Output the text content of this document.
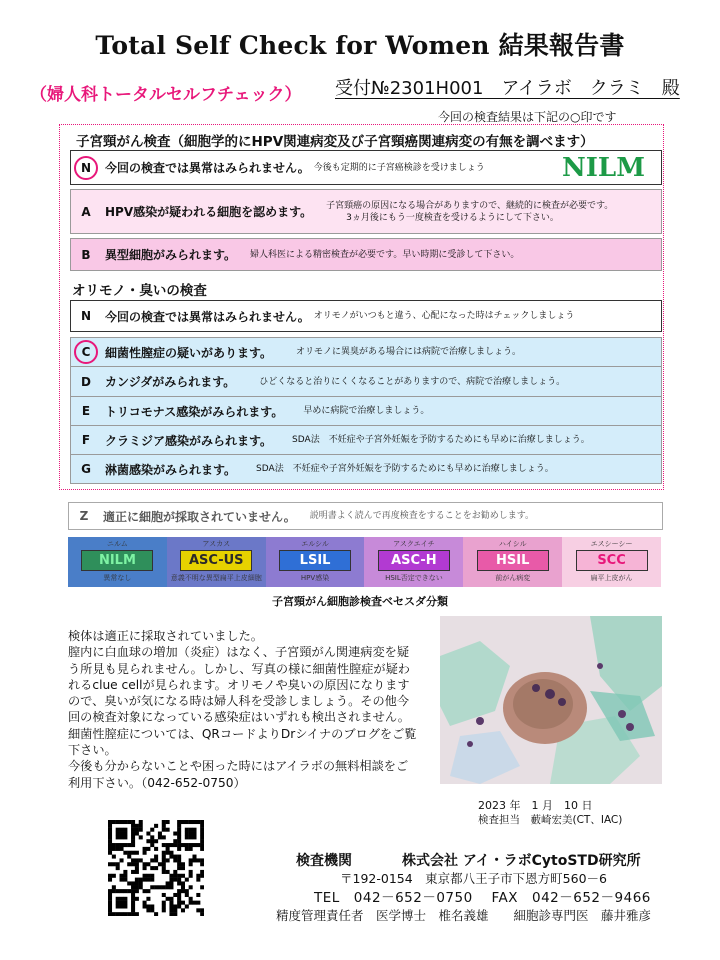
Total Self Check for Women 結果報告書
（婦人科トータルセルフチェック） 受付№2301H001　アイラボ　クラミ　殿
今回の検査結果は下記の○印です
子宮頸がん検査（細胞学的にHPV関連病変及び子宮頸癌関連病変の有無を調べます）
N	今回の検査では異常はみられません。 今後も定期的に子宮癌検診を受けましょう	NILM
A	HPV感染が疑われる細胞を認めます。 子宮頸癌の原因になる場合がありますので、継続的に検査が必要です。
3ヵ月後にもう一度検査を受けるようにして下さい。
B	異型細胞がみられます。 婦人科医による精密検査が必要です。早い時期に受診して下さい。
オリモノ・臭いの検査
N	今回の検査では異常はみられません。 オリモノがいつもと違う、心配になった時はチェックしましょう
C	細菌性膣症の疑いがあります。	オリモノに異臭がある場合には病院で治療しましょう。
D	カンジダがみられます。	ひどくなると治りにくくなることがありますので、病院で治療しましょう。
E	トリコモナス感染がみられます。 早めに病院で治療しましょう。
F	クラミジア感染がみられます。 SDA法　不妊症や子宮外妊娠を予防するためにも早めに治療しましょう。
G	淋菌感染がみられます。 SDA法　不妊症や子宮外妊娠を予防するためにも早めに治療しましょう。
Z	適正に細胞が採取されていません。 説明書よく読んで再度検査をすることをお勧めします。
ニルム
NILM
異常なし
アスカス
ASC-US
意義不明な異型扁平上皮細胞
エルシル
LSIL
HPV感染
アスクエイチ
ASC-H
HSIL否定できない
ハイシル
HSIL
前がん病変
エスシーシー
SCC
扁平上皮がん
子宮頸がん細胞診検査ベセスダ分類

検体は適正に採取されていました。

膣内に白血球の増加（炎症）はなく、子宮頸がん関連病変を疑う所見も見られません。しかし、写真の様に細菌性膣症が疑われるclue cellが見られます。オリモノや臭いの原因になりますので、臭いが気になる時は婦人科を受診しましょう。その他今回の検査対象になっている感染症はいずれも検出されません。細菌性膣症については、QRコードよりDrシイナのブログをご覧下さい。

今後も分からないことや困った時にはアイラボの無料相談をご利用下さい。（042-652-0750）

2023 年　1 月　10 日
検査担当　藪崎宏美(CT、IAC)
検査機関	株式会社 アイ・ラボCytoSTD研究所
〒192-0154　東京都八王子市下恩方町560－6
TEL　042－652－0750　 FAX　042－652－9466
精度管理責任者　医学博士　椎名義雄　　細胞診専門医　藤井雅彦
